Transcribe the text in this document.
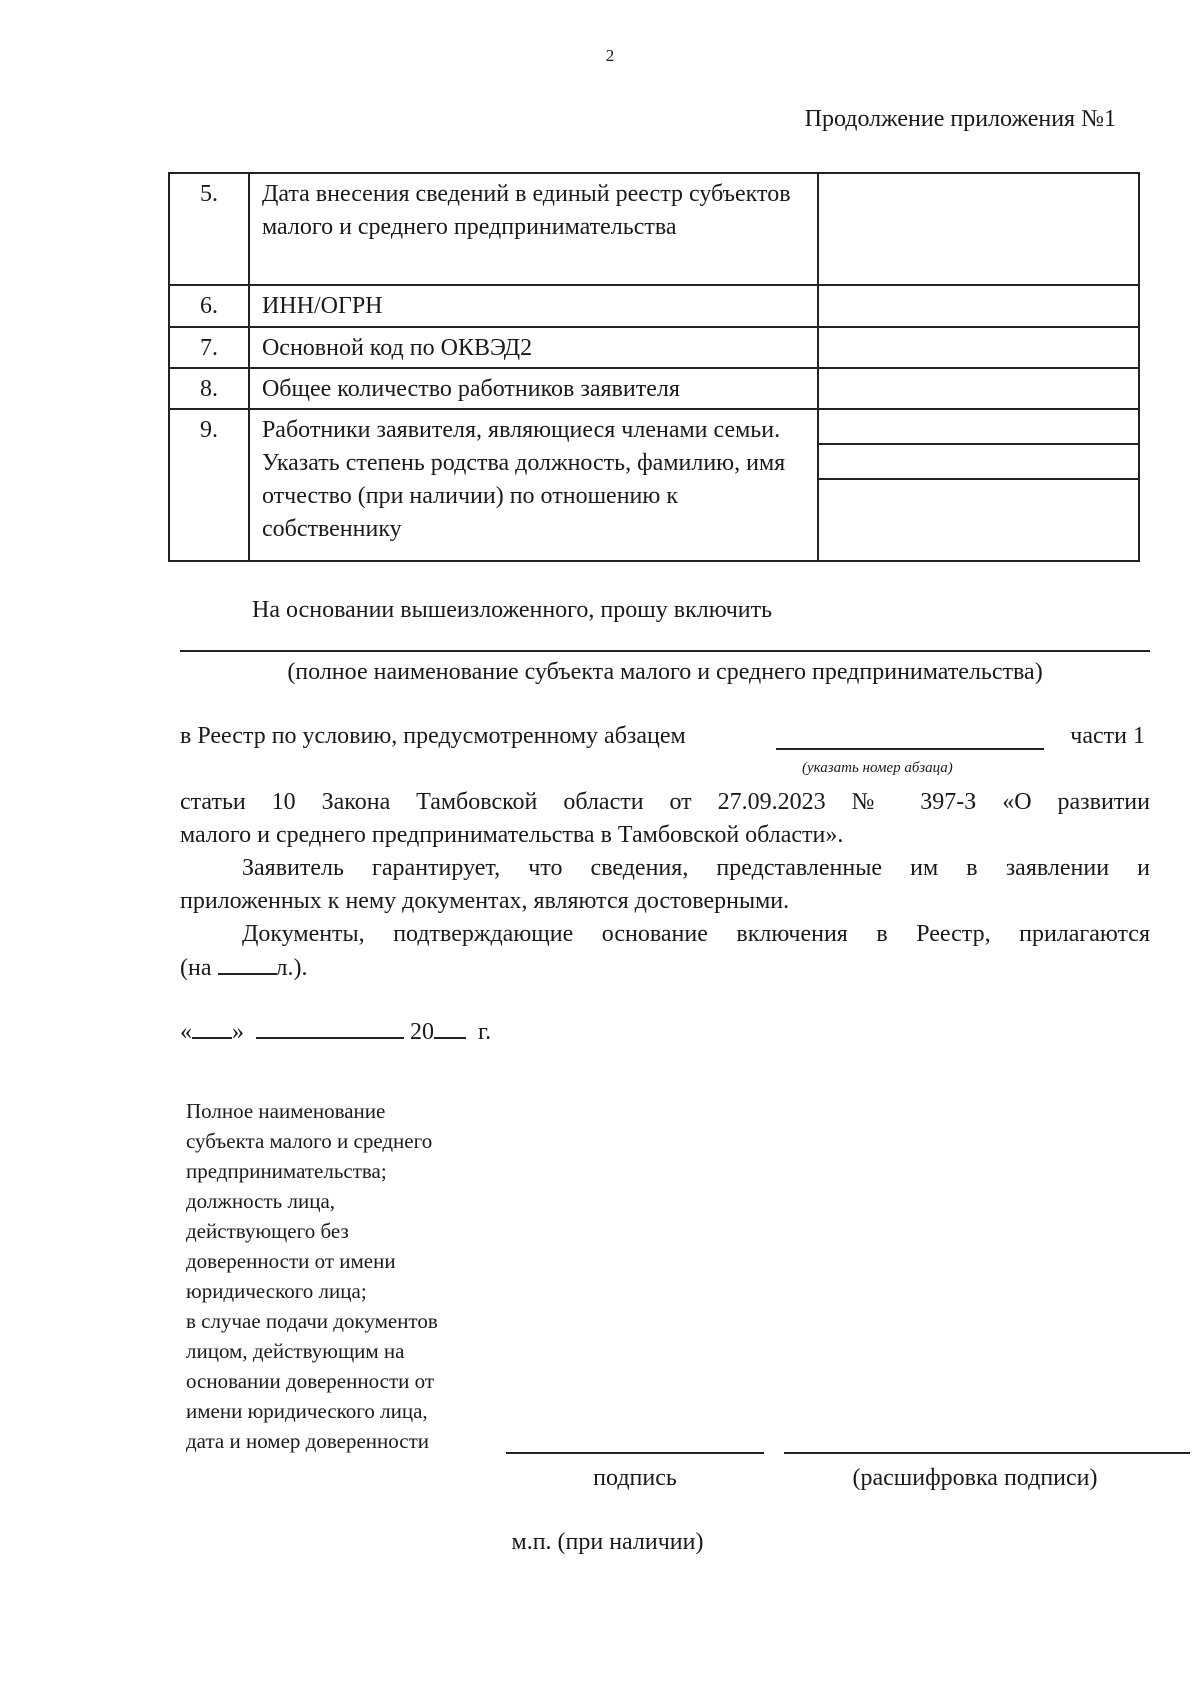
2
Продолжение приложения №1
5.	Дата внесения сведений в единый реестр субъектов малого и среднего предпринимательства	
6.	ИНН/ОГРН	
7.	Основной код по ОКВЭД2	
8.	Общее количество работников заявителя	
9.	Работники заявителя, являющиеся членами семьи. Указать степень родства должность, фамилию, имя отчество (при наличии) по отношению к собственнику	
На основании вышеизложенного, прошу включить
(полное наименование субъекта малого и среднего предпринимательства)
в Реестр по условию, предусмотренному абзацем	части 1
(указать номер абзаца)
статьи 10 Закона Тамбовской области от 27.09.2023 № 397-З «О развитии
малого и среднего предпринимательства в Тамбовской области».
Заявитель гарантирует, что сведения, представленные им в заявлении и
приложенных к нему документах, являются достоверными.
Документы, подтверждающие основание включения в Реестр, прилагаются
(на	л.).
« »	20 г.
Полное наименование
субъекта малого и среднего
предпринимательства;
должность лица,
действующего без
доверенности от имени
юридического лица;
в случае подачи документов
лицом, действующим на
основании доверенности от
имени юридического лица,
дата и номер доверенности
подпись	(расшифровка подписи)
м.п. (при наличии)
